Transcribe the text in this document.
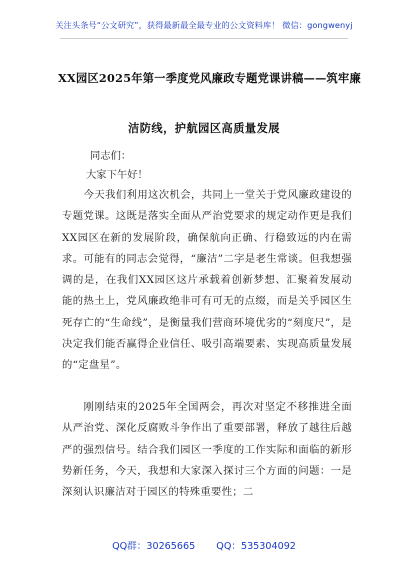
关注头条号“公文研究”，获得最新最全最专业的公文资料库！ 微信：gongwenyj
XX园区2025年第一季度党风廉政专题党课讲稿——筑牢廉
洁防线，护航园区高质量发展
同志们：
大家下午好！
今天我们利用这次机会，共同上一堂关于党风廉政建设的专题党课。这既是落实全面从严治党要求的规定动作更是我们XX园区在新的发展阶段，确保航向正确、行稳致远的内在需求。可能有的同志会觉得，“廉洁”二字是老生常谈。但我想强调的是，在我们XX园区这片承载着创新梦想、汇聚着发展动能的热土上，党风廉政绝非可有可无的点缀，而是关乎园区生死存亡的“生命线”，是衡量我们营商环境优劣的“刻度尺”，是决定我们能否赢得企业信任、吸引高端要素、实现高质量发展的“定盘星”。
刚刚结束的2025年全国两会，再次对坚定不移推进全面从严治党、深化反腐败斗争作出了重要部署，释放了越往后越严的强烈信号。结合我们园区一季度的工作实际和面临的新形势新任务，今天，我想和大家深入探讨三个方面的问题：一是深刻认识廉洁对于园区的特殊重要性；二
QQ群：30265665 QQ：535304092
